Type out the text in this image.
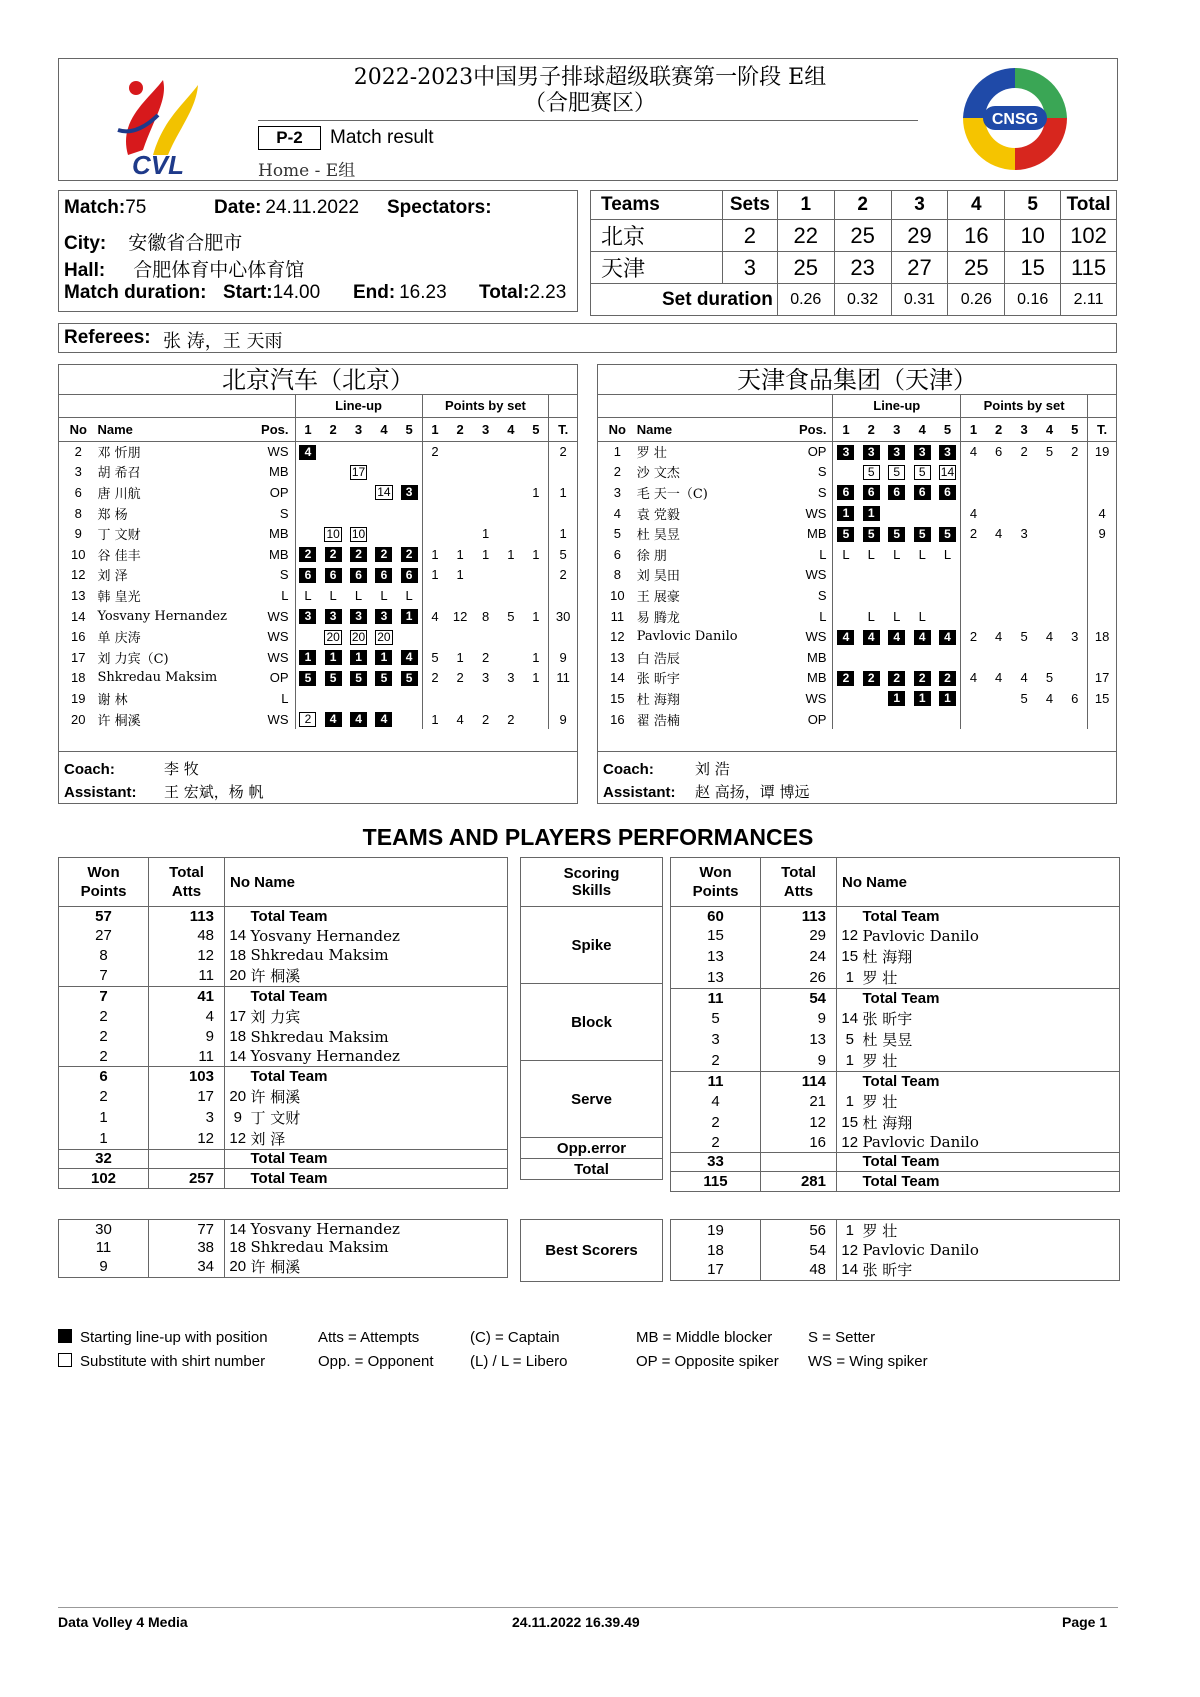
CVL
CNSG
2022-2023中国男子排球超级联赛第一阶段 E组
（合肥赛区）
P-2	Match result
Home - E组
Match:75	Date: 24.11.2022 Spectators:
City: 安徽省合肥市
Hall: 合肥体育中心体育馆
Match duration: Start:14.00 End: 16.23 Total:2.23
Teams	Sets	1	2	3	4	5	Total
北京	2	22	25	29	16	10	102
天津	3	25	23	27	25	15	115
Set duration		0.26	0.32	0.31	0.26	0.16	2.11
Referees: 张 涛，王 天雨
北京汽车（北京）
			Line-up					Points by set					
No	Name	Pos.	1	2	3	4	5	1	2	3	4	5	T.
2	邓 忻朋	WS	4					2					2
3	胡 希召	MB			17								
6	唐 川航	OP				14	3					1	1
8	郑 杨	S											
9	丁 文财	MB		10	10					1			1
10	谷 佳丰	MB	2	2	2	2	2	1	1	1	1	1	5
12	刘 泽	S	6	6	6	6	6	1	1				2
13	韩 皇光	L	L	L	L	L	L						
14	Yosvany Hernandez	WS	3	3	3	3	1	4	12	8	5	1	30
16	单 庆涛	WS		20	20	20							
17	刘 力宾（C)	WS	1	1	1	1	4	5	1	2		1	9
18	Shkredau Maksim	OP	5	5	5	5	5	2	2	3	3	1	11
19	谢 林	L											
20	许 桐溪	WS	2	4	4	4		1	4	2	2		9
Coach:	李 牧
Assistant: 王 宏斌，杨 帆
天津食品集团（天津）
			Line-up					Points by set					
No	Name	Pos.	1	2	3	4	5	1	2	3	4	5	T.
1	罗 壮	OP	3	3	3	3	3	4	6	2	5	2	19
2	沙 文杰	S		5	5	5	14						
3	毛 天一（C)	S	6	6	6	6	6						
4	袁 党毅	WS	1	1				4					4
5	杜 昊昱	MB	5	5	5	5	5	2	4	3			9
6	徐 朋	L	L	L	L	L	L						
8	刘 昊田	WS											
10	王 展豪	S											
11	易 腾龙	L		L	L	L							
12	Pavlovic Danilo	WS	4	4	4	4	4	2	4	5	4	3	18
13	白 浩辰	MB											
14	张 昕宇	MB	2	2	2	2	2	4	4	4	5		17
15	杜 海翔	WS			1	1	1			5	4	6	15
16	翟 浩楠	OP											
Coach:	刘 浩
Assistant: 赵 高扬，谭 博远
TEAMS AND PLAYERS PERFORMANCES
Won
Points	Total
Atts	No Name	
57	113		Total Team
27	48	14	Yosvany Hernandez
8	12	18	Shkredau Maksim
7	11	20	许 桐溪
7	41		Total Team
2	4	17	刘 力宾
2	9	18	Shkredau Maksim
2	11	14	Yosvany Hernandez
6	103		Total Team
2	17	20	许 桐溪
1	3	9	丁 文财
1	12	12	刘 泽
32			Total Team
102	257		Total Team
Scoring
Skills
Spike
Block
Serve
Opp.error
Total
Won
Points	Total
Atts	No Name	
60	113		Total Team
15	29	12	Pavlovic Danilo
13	24	15	杜 海翔
13	26	1	罗 壮
11	54		Total Team
5	9	14	张 昕宇
3	13	5	杜 昊昱
2	9	1	罗 壮
11	114		Total Team
4	21	1	罗 壮
2	12	15	杜 海翔
2	16	12	Pavlovic Danilo
33			Total Team
115	281		Total Team
30	77	14	Yosvany Hernandez
11	38	18	Shkredau Maksim
9	34	20	许 桐溪
Best Scorers
19	56	1	罗 壮
18	54	12	Pavlovic Danilo
17	48	14	张 昕宇
Starting line-up with position
Substitute with shirt number
Atts = Attempts
Opp. = Opponent
(C) = Captain
(L) / L = Libero
MB = Middle blocker
OP = Opposite spiker
S = Setter
WS = Wing spiker
Data Volley 4 Media	24.11.2022 16.39.49	Page 1
